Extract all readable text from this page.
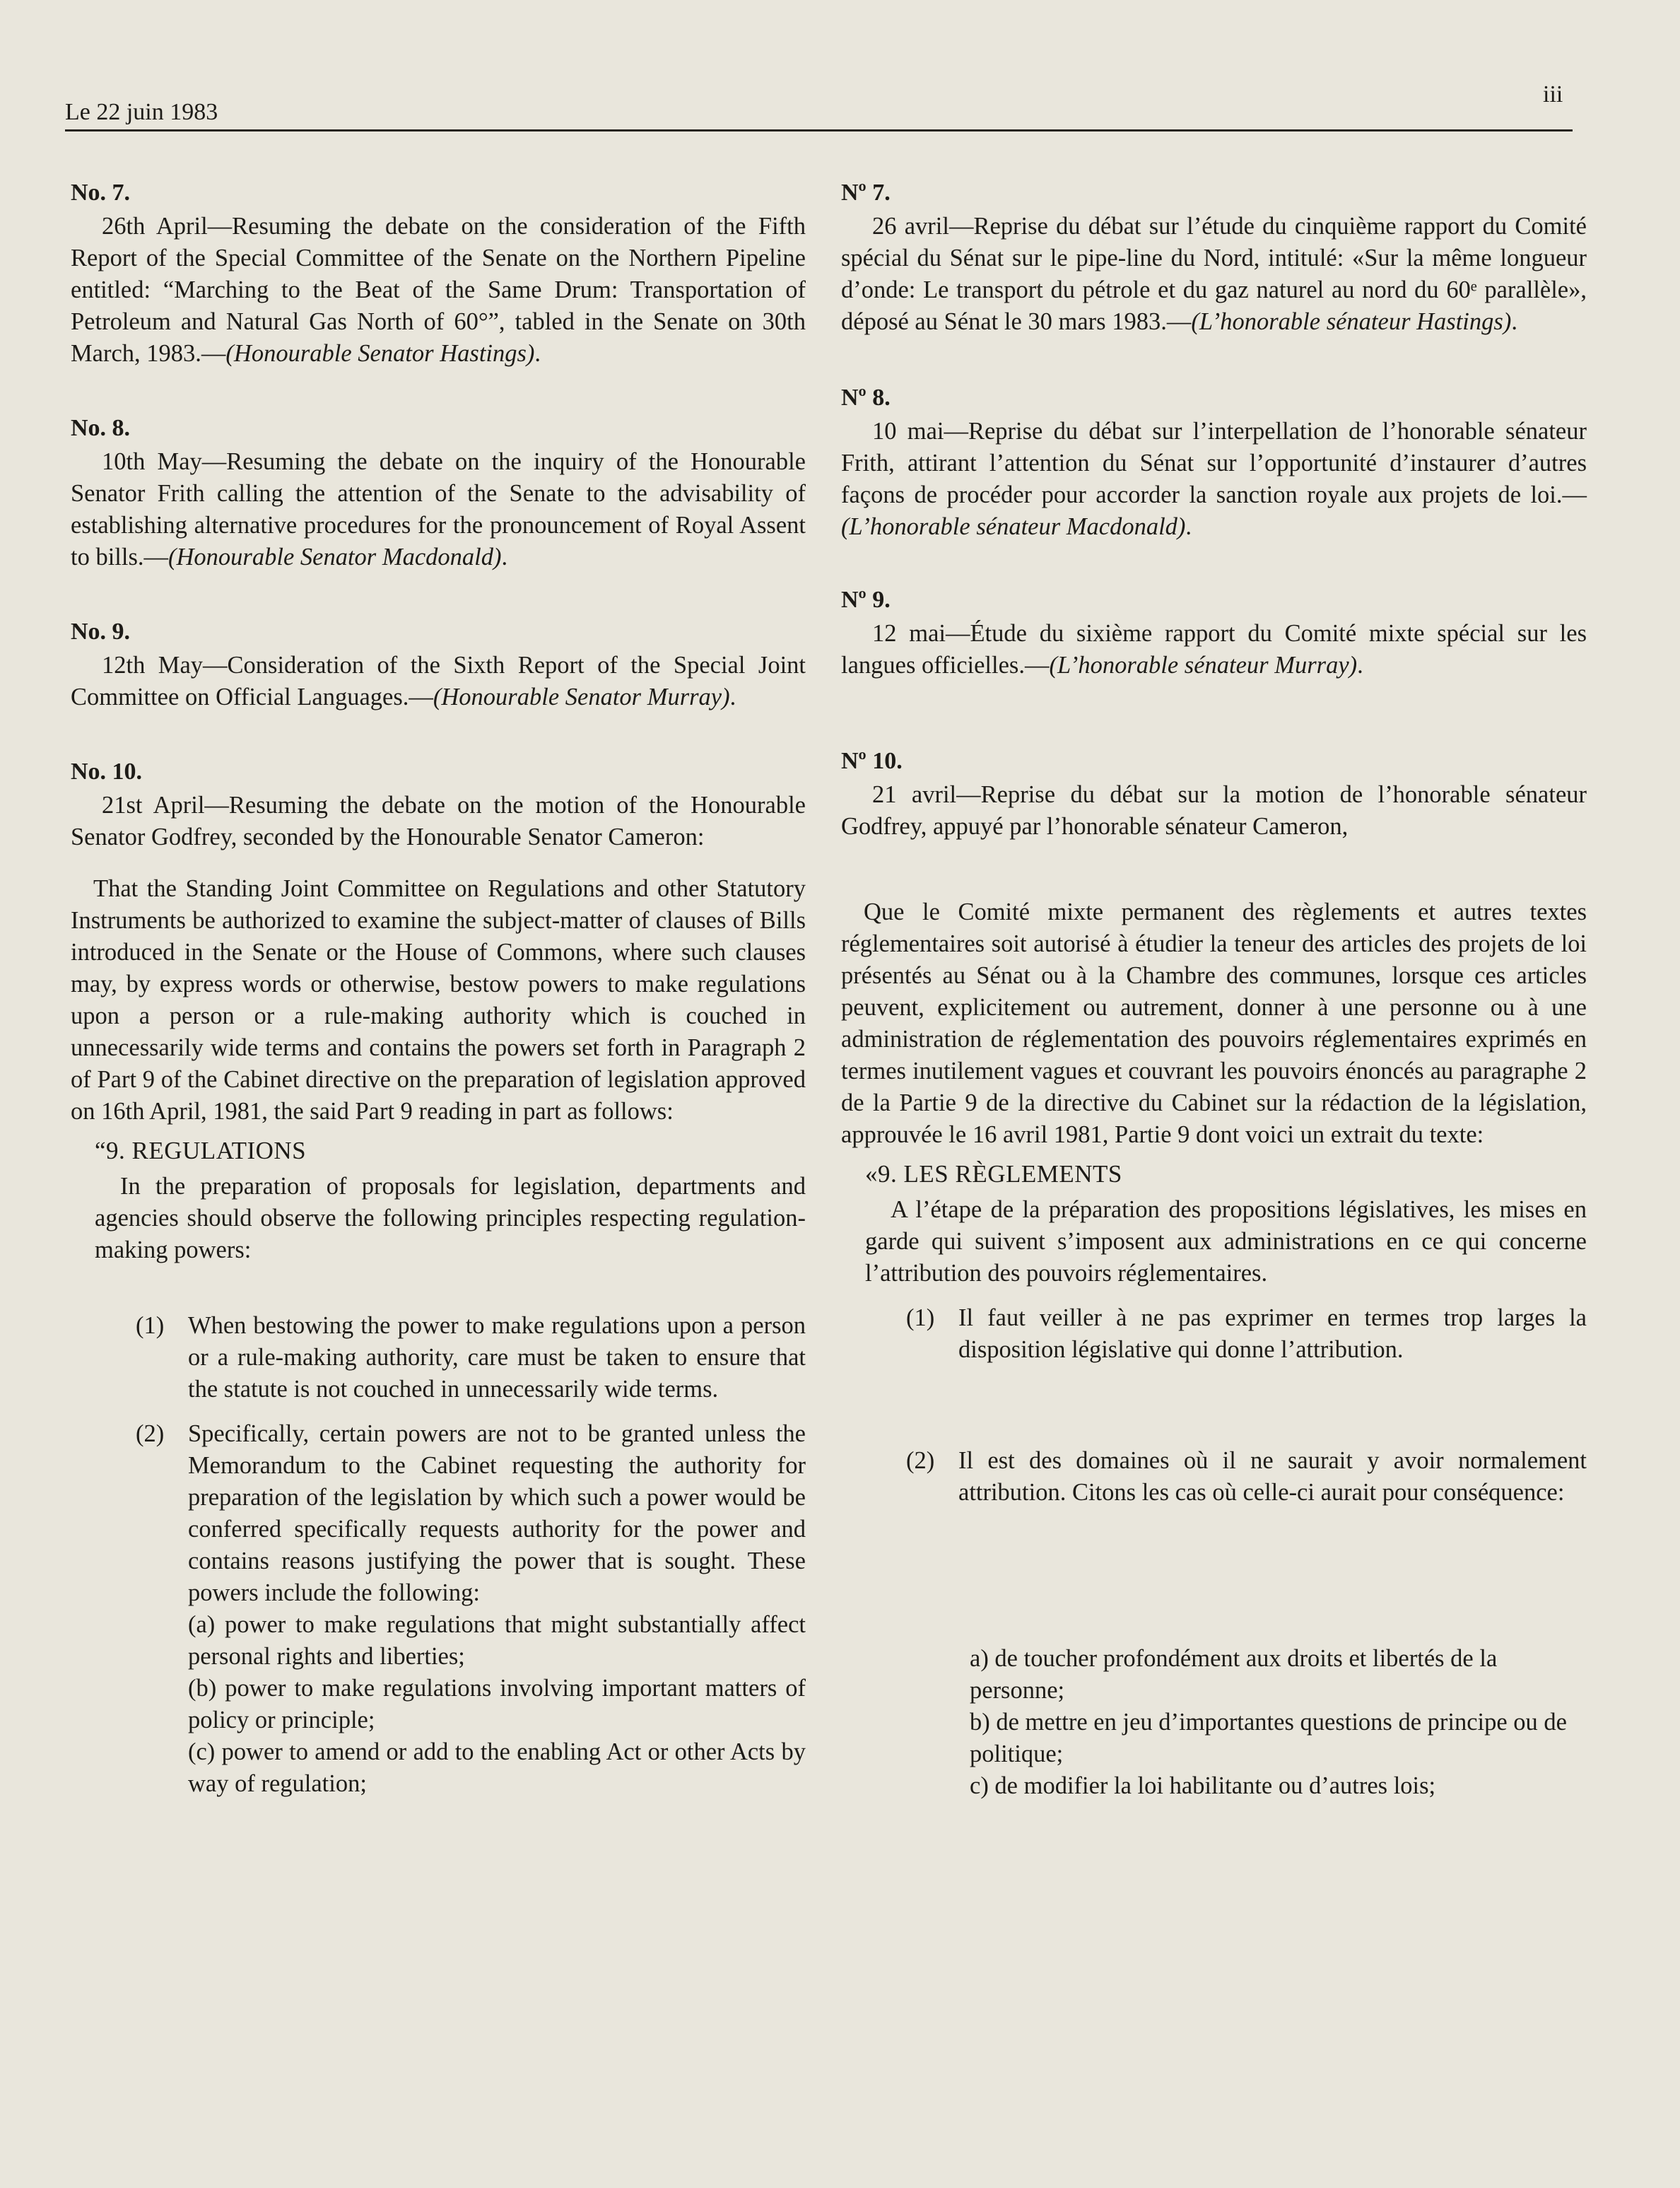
Le 22 juin 1983
iii
No. 7.

26th April—Resuming the debate on the consideration of the Fifth Report of the Special Committee of the Senate on the Northern Pipeline entitled: “Marching to the Beat of the Same Drum: Transportation of Petroleum and Natural Gas North of 60°”, tabled in the Senate on 30th March, 1983.—(Honourable Senator Hastings).

No. 8.

10th May—Resuming the debate on the inquiry of the Honourable Senator Frith calling the attention of the Senate to the advisability of establishing alternative procedures for the pronouncement of Royal Assent to bills.—(Honourable Senator Macdonald).

No. 9.

12th May—Consideration of the Sixth Report of the Special Joint Committee on Official Languages.—(Honourable Senator Murray).

No. 10.

21st April—Resuming the debate on the motion of the Honourable Senator Godfrey, seconded by the Honourable Senator Cameron:

That the Standing Joint Committee on Regulations and other Statutory Instruments be authorized to examine the subject-matter of clauses of Bills introduced in the Senate or the House of Commons, where such clauses may, by express words or otherwise, bestow powers to make regulations upon a person or a rule-making authority which is couched in unnecessarily wide terms and contains the powers set forth in Paragraph 2 of Part 9 of the Cabinet directive on the preparation of legislation approved on 16th April, 1981, the said Part 9 reading in part as follows:

“9. REGULATIONS

In the preparation of proposals for legislation, departments and agencies should observe the following principles respecting regulation-making powers:

(1) When bestowing the power to make regulations upon a person or a rule-making authority, care must be taken to ensure that the statute is not couched in unnecessarily wide terms.
(2) Specifically, certain powers are not to be granted unless the Memorandum to the Cabinet requesting the authority for preparation of the legislation by which such a power would be conferred specifically requests authority for the power and contains reasons justifying the power that is sought. These powers include the following:

(a) power to make regulations that might substantially affect personal rights and liberties;

(b) power to make regulations involving important matters of policy or principle;

(c) power to amend or add to the enabling Act or other Acts by way of regulation;

Nº 7.

26 avril—Reprise du débat sur l’étude du cinquième rapport du Comité spécial du Sénat sur le pipe-line du Nord, intitulé: «Sur la même longueur d’onde: Le transport du pétrole et du gaz naturel au nord du 60ᵉ parallèle», déposé au Sénat le 30 mars 1983.—(L’honorable sénateur Hastings).

Nº 8.

10 mai—Reprise du débat sur l’interpellation de l’honorable sénateur Frith, attirant l’attention du Sénat sur l’opportunité d’instaurer d’autres façons de procéder pour accorder la sanction royale aux projets de loi.—(L’honorable sénateur Macdonald).

Nº 9.

12 mai—Étude du sixième rapport du Comité mixte spécial sur les langues officielles.—(L’honorable sénateur Murray).

Nº 10.

21 avril—Reprise du débat sur la motion de l’honorable sénateur Godfrey, appuyé par l’honorable sénateur Cameron,

Que le Comité mixte permanent des règlements et autres textes réglementaires soit autorisé à étudier la teneur des articles des projets de loi présentés au Sénat ou à la Chambre des communes, lorsque ces articles peuvent, explicitement ou autrement, donner à une personne ou à une administration de réglementation des pouvoirs réglementaires exprimés en termes inutilement vagues et couvrant les pouvoirs énoncés au paragraphe 2 de la Partie 9 de la directive du Cabinet sur la rédaction de la législation, approuvée le 16 avril 1981, Partie 9 dont voici un extrait du texte:

«9. LES RÈGLEMENTS

A l’étape de la préparation des propositions législatives, les mises en garde qui suivent s’imposent aux administrations en ce qui concerne l’attribution des pouvoirs réglementaires.

(1) Il faut veiller à ne pas exprimer en termes trop larges la disposition législative qui donne l’attribution.
(2) Il est des domaines où il ne saurait y avoir normalement attribution. Citons les cas où celle-ci aurait pour conséquence:

a) de toucher profondément aux droits et libertés de la personne;

b) de mettre en jeu d’importantes questions de principe ou de politique;

c) de modifier la loi habilitante ou d’autres lois;
